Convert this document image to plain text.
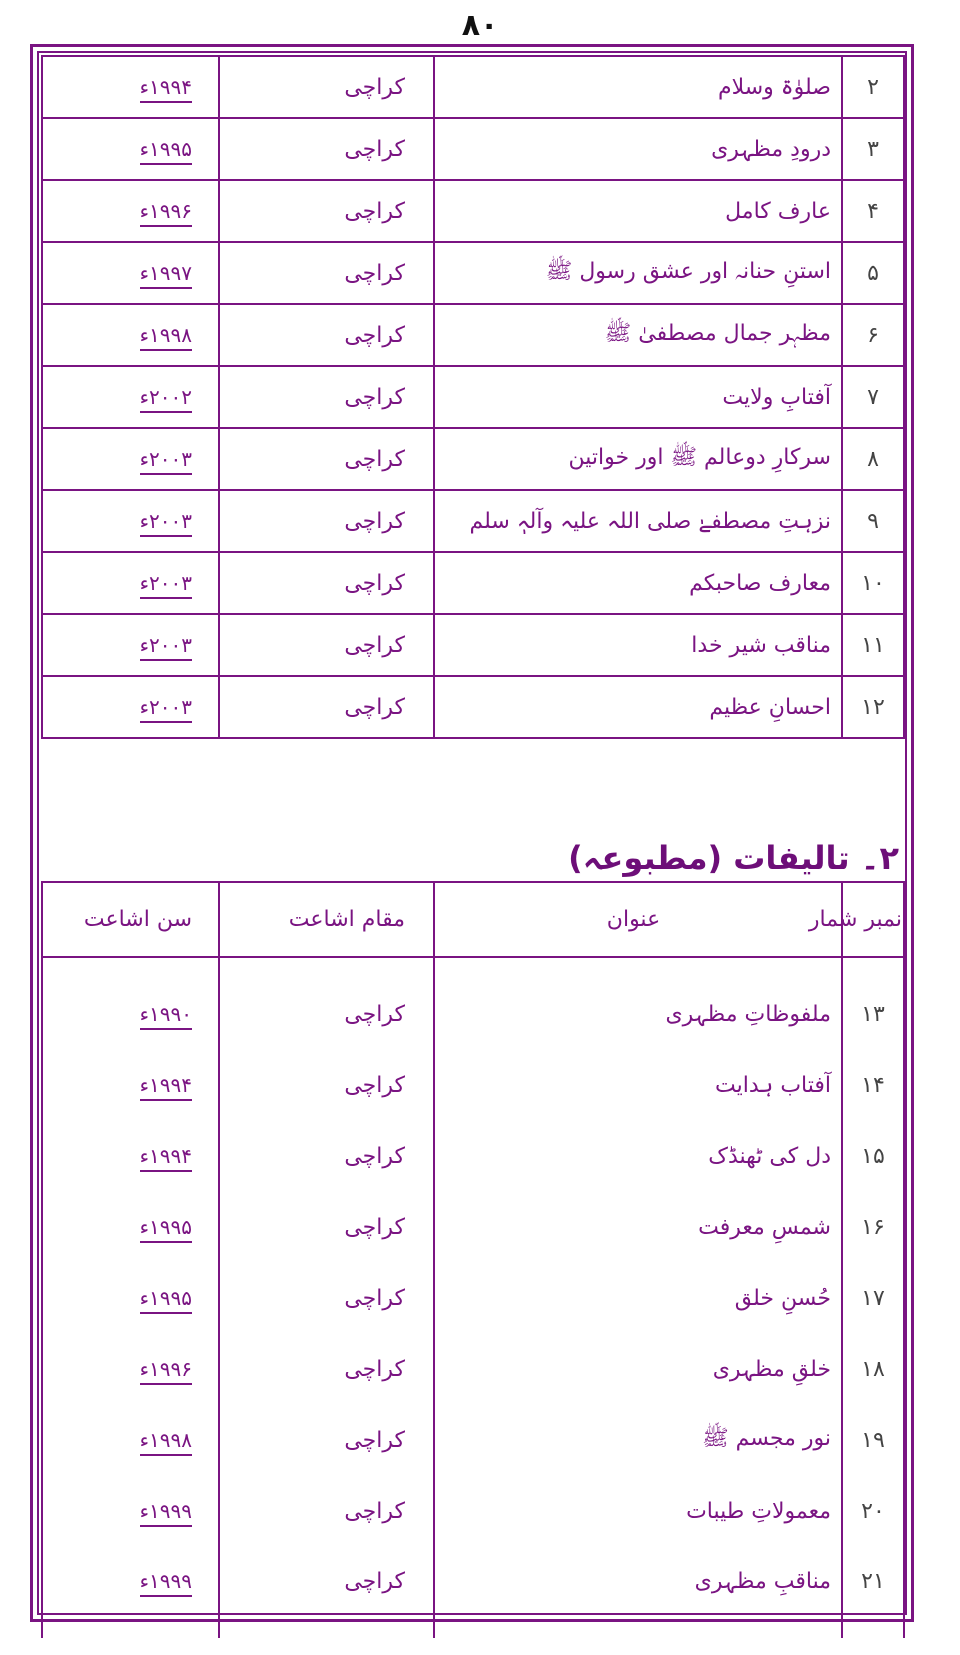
۸۰
۲	صلوٰۃ وسلام	کراچی	۱۹۹۴ء
۳	درودِ مظہری	کراچی	۱۹۹۵ء
۴	عارف کامل	کراچی	۱۹۹۶ء
۵	استنِ حنانہ اور عشق رسول ﷺ	کراچی	۱۹۹۷ء
۶	مظہر جمال مصطفیٰ ﷺ	کراچی	۱۹۹۸ء
۷	آفتابِ ولایت	کراچی	۲۰۰۲ء
۸	سرکارِ دوعالم ﷺ اور خواتین	کراچی	۲۰۰۳ء
۹	نزہتِ مصطفےٰ صلی اللہ علیہ وآلہٖ سلم	کراچی	۲۰۰۳ء
۱۰	معارف صاحبکم	کراچی	۲۰۰۳ء
۱۱	مناقب شیر خدا	کراچی	۲۰۰۳ء
۱۲	احسانِ عظیم	کراچی	۲۰۰۳ء
۲۔ تالیفات (مطبوعہ)
نمبر شمار	عنوان	مقام اشاعت	سن اشاعت

۱۳	ملفوظاتِ مظہری	کراچی	۱۹۹۰ء
۱۴	آفتاب ہدایت	کراچی	۱۹۹۴ء
۱۵	دل کی ٹھنڈک	کراچی	۱۹۹۴ء
۱۶	شمسِ معرفت	کراچی	۱۹۹۵ء
۱۷	حُسنِ خلق	کراچی	۱۹۹۵ء
۱۸	خلقِ مظہری	کراچی	۱۹۹۶ء
۱۹	نور مجسم ﷺ	کراچی	۱۹۹۸ء
۲۰	معمولاتِ طیبات	کراچی	۱۹۹۹ء
۲۱	مناقبِ مظہری	کراچی	۱۹۹۹ء
